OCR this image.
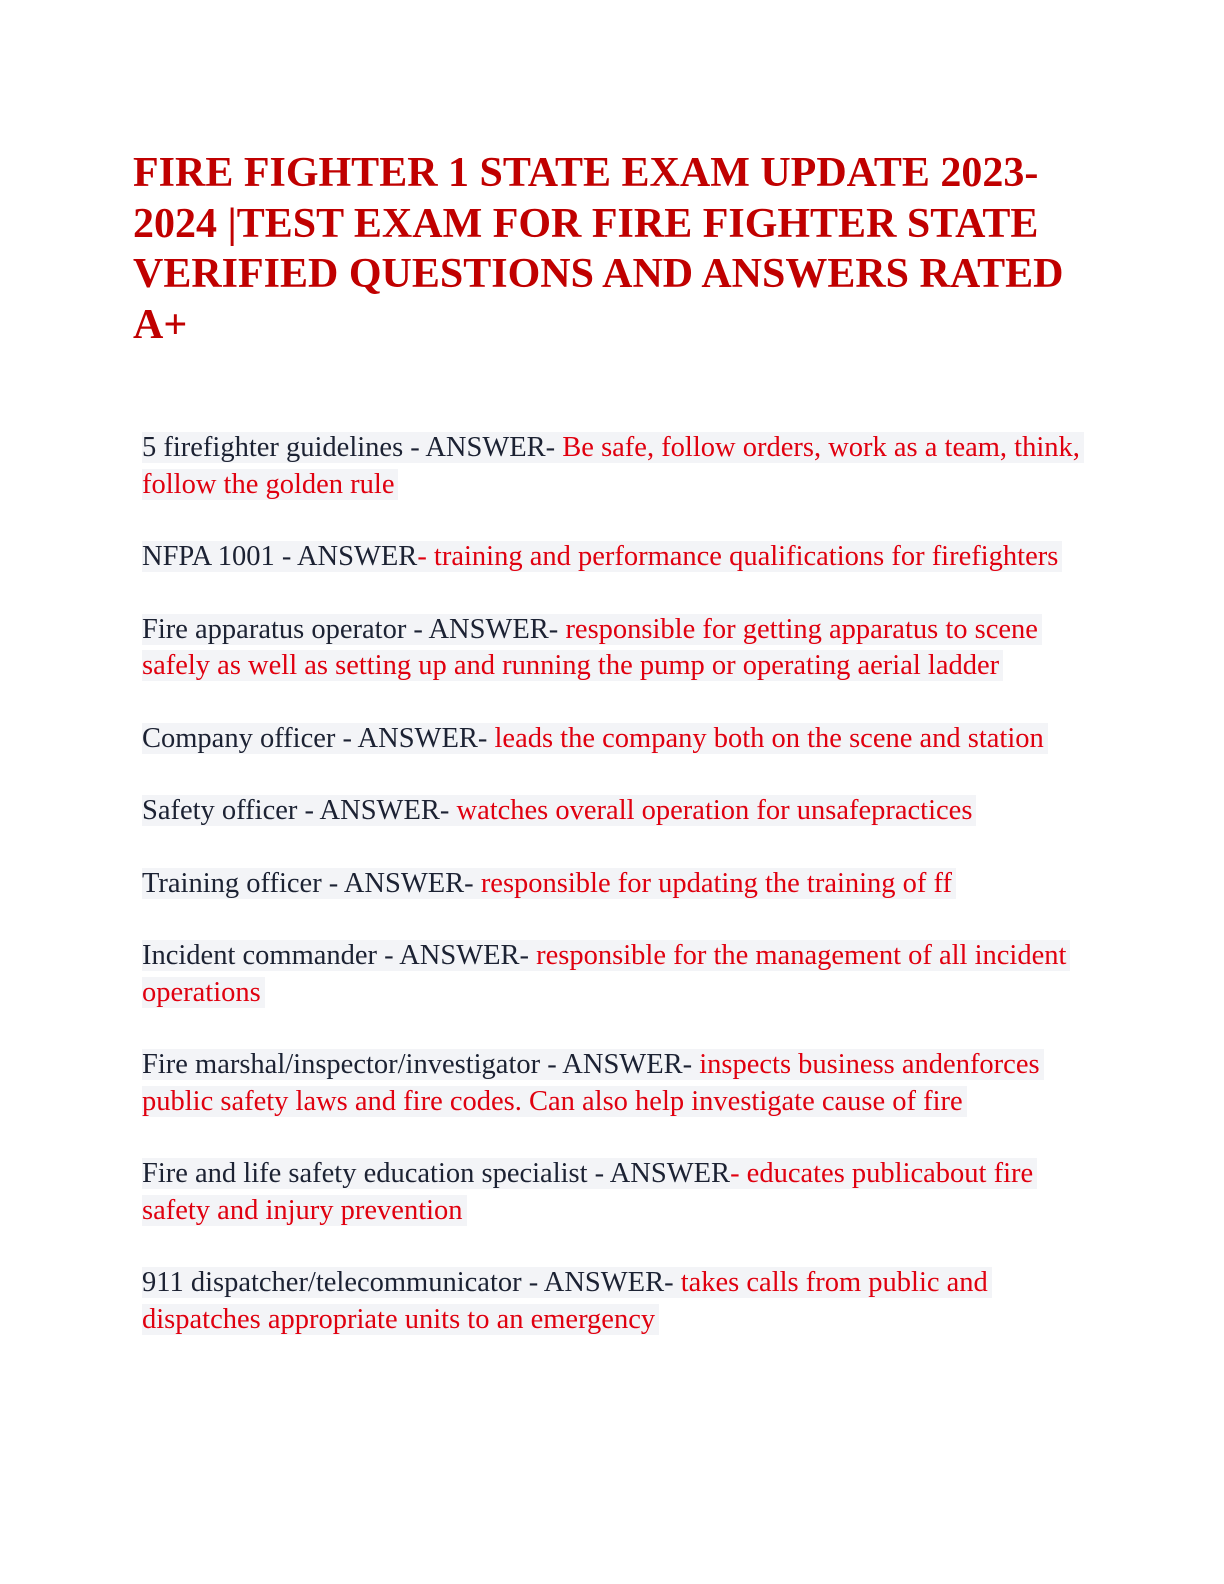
FIRE FIGHTER 1 STATE EXAM UPDATE 2023-2024 |TEST EXAM FOR FIRE FIGHTER STATE VERIFIED QUESTIONS AND ANSWERS RATED A+

5 firefighter guidelines - ANSWER- Be safe, follow orders, work as a team, think, follow the golden rule

NFPA 1001 - ANSWER- training and performance qualifications for firefighters

Fire apparatus operator - ANSWER- responsible for getting apparatus to scene safely as well as setting up and running the pump or operating aerial ladder

Company officer - ANSWER- leads the company both on the scene and station

Safety officer - ANSWER- watches overall operation for unsafepractices

Training officer - ANSWER- responsible for updating the training of ff

Incident commander - ANSWER- responsible for the management of all incident operations

Fire marshal/inspector/investigator - ANSWER- inspects business andenforces public safety laws and fire codes. Can also help investigate cause of fire

Fire and life safety education specialist - ANSWER- educates publicabout fire safety and injury prevention

911 dispatcher/telecommunicator - ANSWER- takes calls from public and dispatches appropriate units to an emergency
